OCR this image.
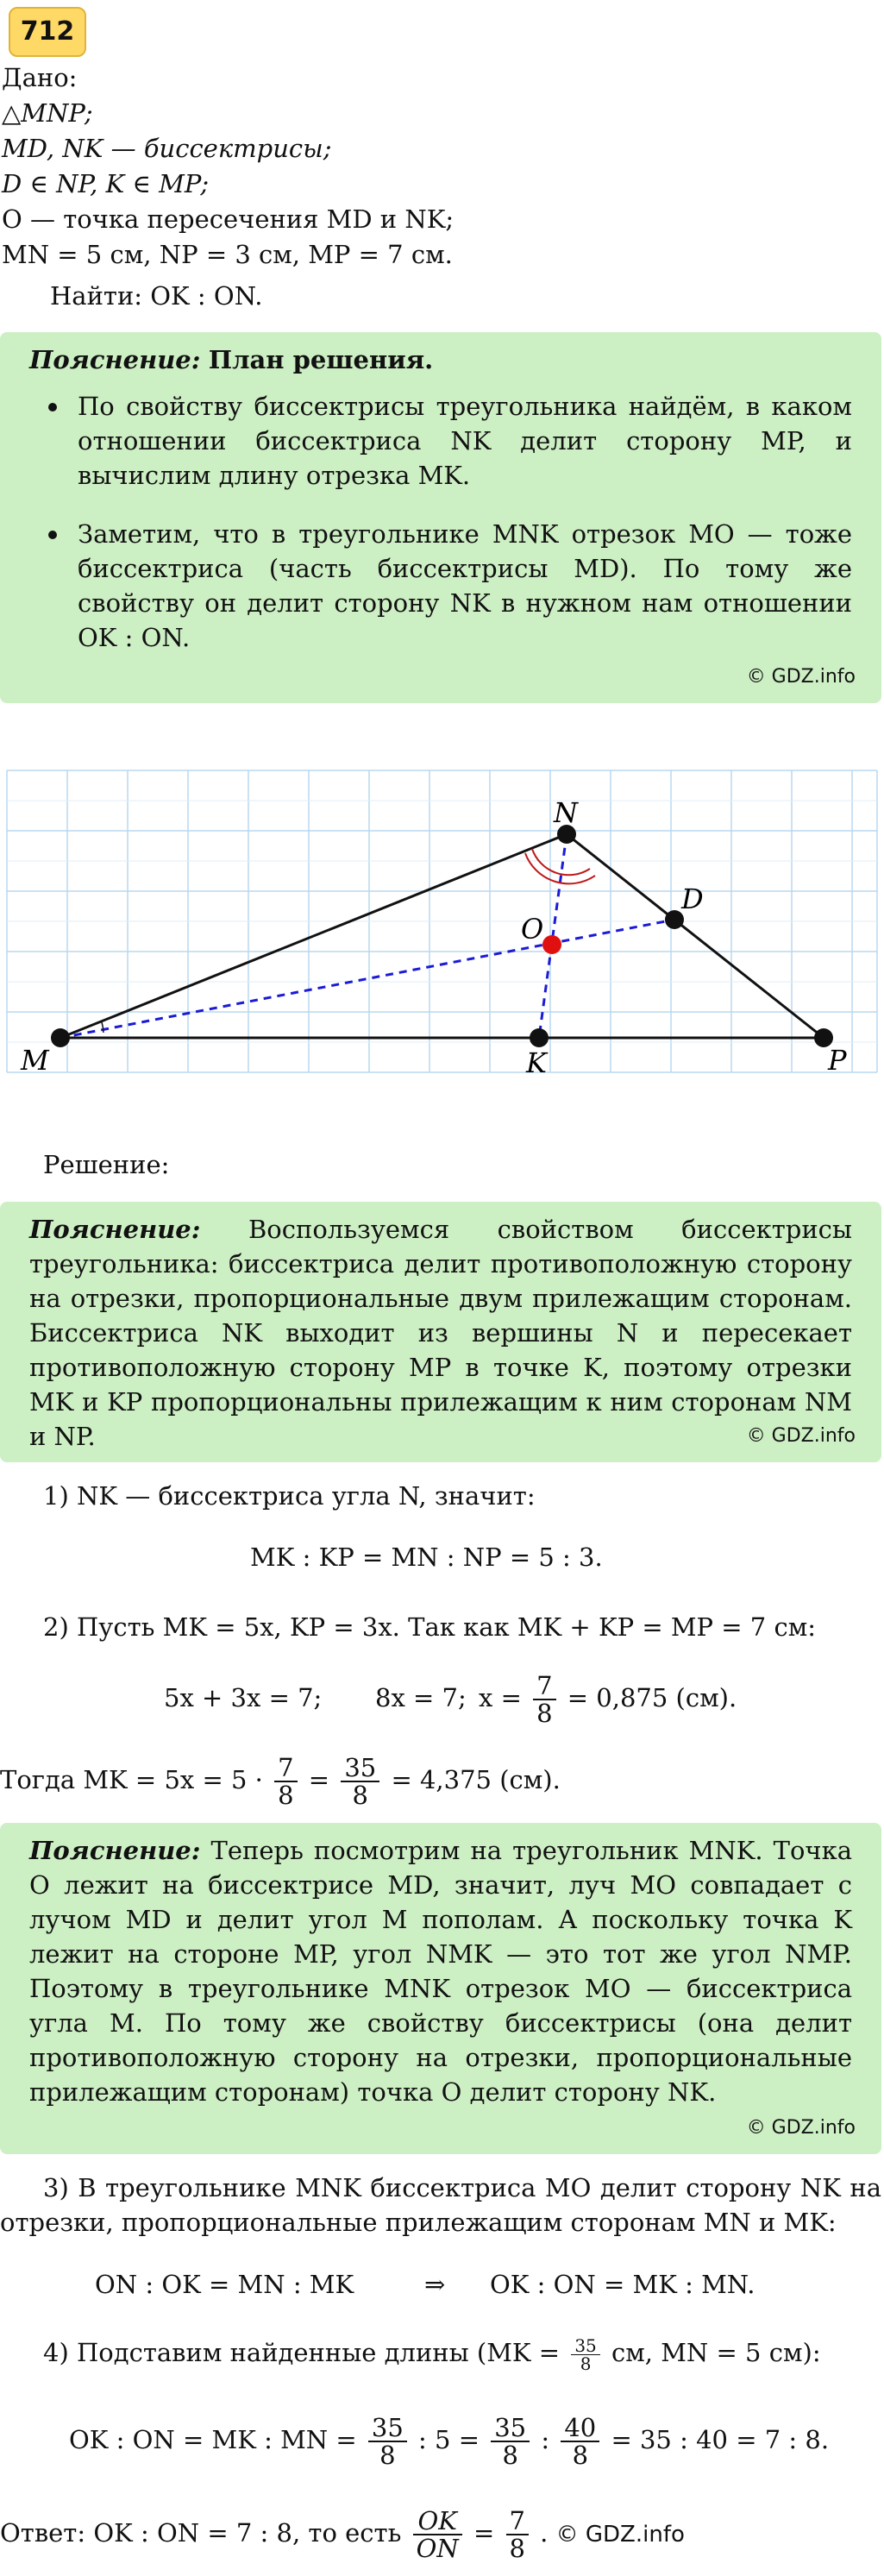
712
Дано:
△MNP;
MD, NK — биссектрисы;
D ∈ NP, K ∈ MP;
O — точка пересечения MD и NK;
MN = 5 см, NP = 3 см, MP = 7 см.
Найти: OK : ON.
Пояснение: План решения.
По свойству биссектрисы треугольника найдём, в каком отношении биссектриса NK делит сторону MP, и вычислим длину отрезка MK.
Заметим, что в треугольнике MNK отрезок MO — тоже биссектриса (часть биссектрисы MD). По тому же свойству он делит сторону NK в нужном нам отношении OK : ON.
© GDZ.info
M
N
P
K
D
O
Решение:
Пояснение: Воспользуемся свойством биссектрисы треугольника: биссектриса делит противоположную сторону на отрезки, пропорциональные двум прилежащим сторонам. Биссектриса NK выходит из вершины N и пересекает противоположную сторону MP в точке K, поэтому отрезки MK и KP пропорциональны прилежащим к ним сторонам NM и NP.	© GDZ.info
1) NK — биссектриса угла N, значит:
MK : KP = MN : NP = 5 : 3.
2) Пусть MK = 5x, KP = 3x. Так как MK + KP = MP = 7 см:
5x + 3x = 7; 8x = 7; $x = \frac{7}{8} = 0,875$ (см).
Тогда MK = $5x = 5 \cdot \frac{7}{8} = \frac{35}{8} = 4,375$ (см).
Пояснение: Теперь посмотрим на треугольник MNK. Точка O лежит на биссектрисе MD, значит, луч MO совпадает с лучом MD и делит угол M пополам. А поскольку точка K лежит на стороне MP, угол NMK — это тот же угол NMP. Поэтому в треугольнике MNK отрезок MO — биссектриса угла M. По тому же свойству биссектрисы (она делит противоположную сторону на отрезки, пропорциональные прилежащим сторонам) точка O делит сторону NK.
© GDZ.info
3) В треугольнике MNK биссектриса MO делит сторону NK на отрезки, пропорциональные прилежащим сторонам MN и MK:
ON : OK = MN : MK	⇒ OK : ON = MK : MN.
4) Подставим найденные длины ($MK = \frac{35}{8}$ см, MN = 5 см):
OK : ON = MK : MN = $\frac{35}{8}$ : $5 = \frac{35}{8}$ : $\frac{40}{8} = 35$ : 40 = 7 : 8.
Ответ: OK : ON = 7 : 8, то есть $\frac{OK}{ON} = \frac{7}{8}$ . © GDZ.info
